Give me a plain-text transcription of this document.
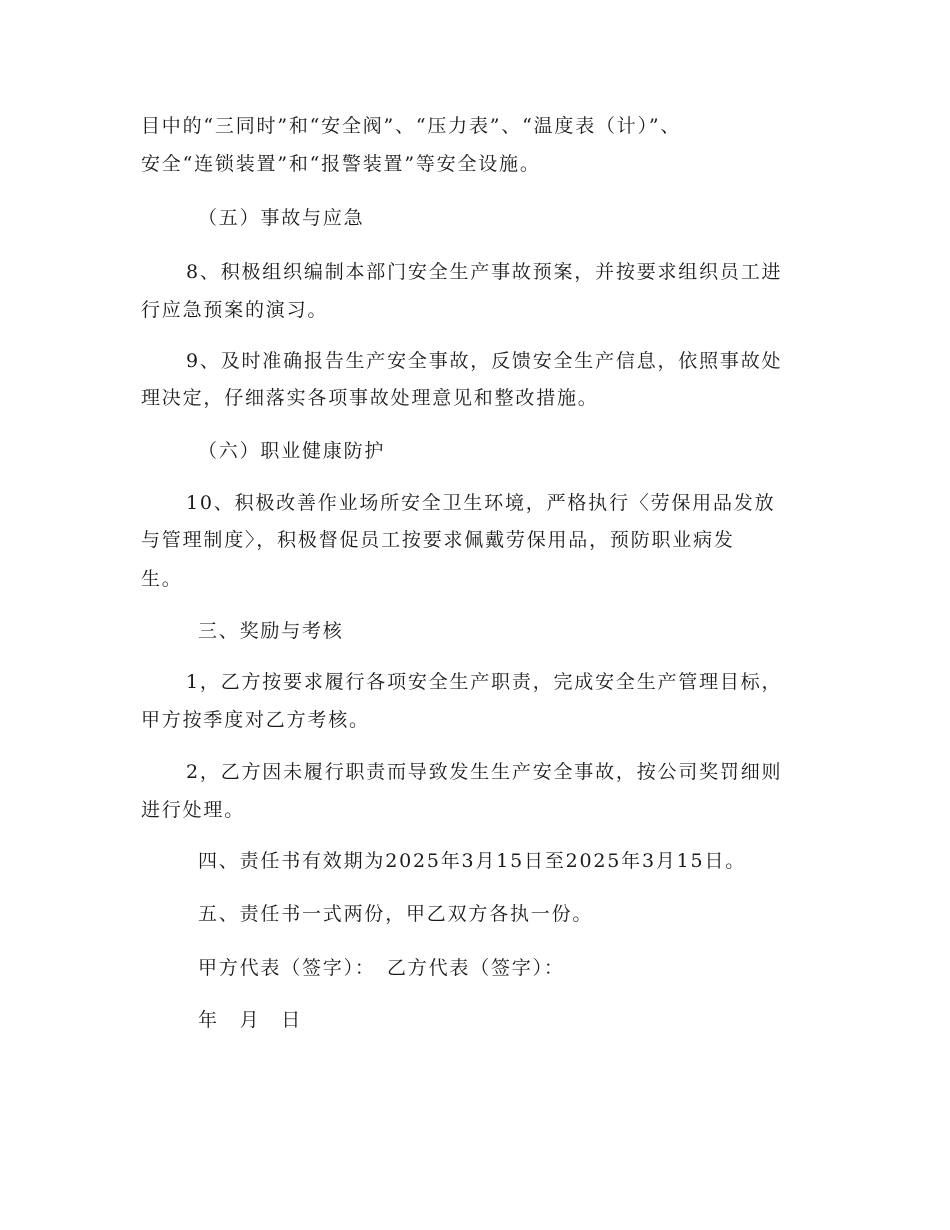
目中的“三同时”和“安全阀”、“压力表”、“温度表（计）”、
安全“连锁装置”和“报警装置”等安全设施。
（五）事故与应急
8、积极组织编制本部门安全生产事故预案，并按要求组织员工进
行应急预案的演习。
9、及时准确报告生产安全事故，反馈安全生产信息，依照事故处
理决定，仔细落实各项事故处理意见和整改措施。
（六）职业健康防护
10、积极改善作业场所安全卫生环境，严格执行〈劳保用品发放
与管理制度〉，积极督促员工按要求佩戴劳保用品，预防职业病发
生。
三、奖励与考核
1，乙方按要求履行各项安全生产职责，完成安全生产管理目标，
甲方按季度对乙方考核。
2，乙方因未履行职责而导致发生生产安全事故，按公司奖罚细则
进行处理。
四、责任书有效期为2025年3月15日至2025年3月15日。
五、责任书一式两份，甲乙双方各执一份。
甲方代表（签字）：　乙方代表（签字）：
年　月　日
